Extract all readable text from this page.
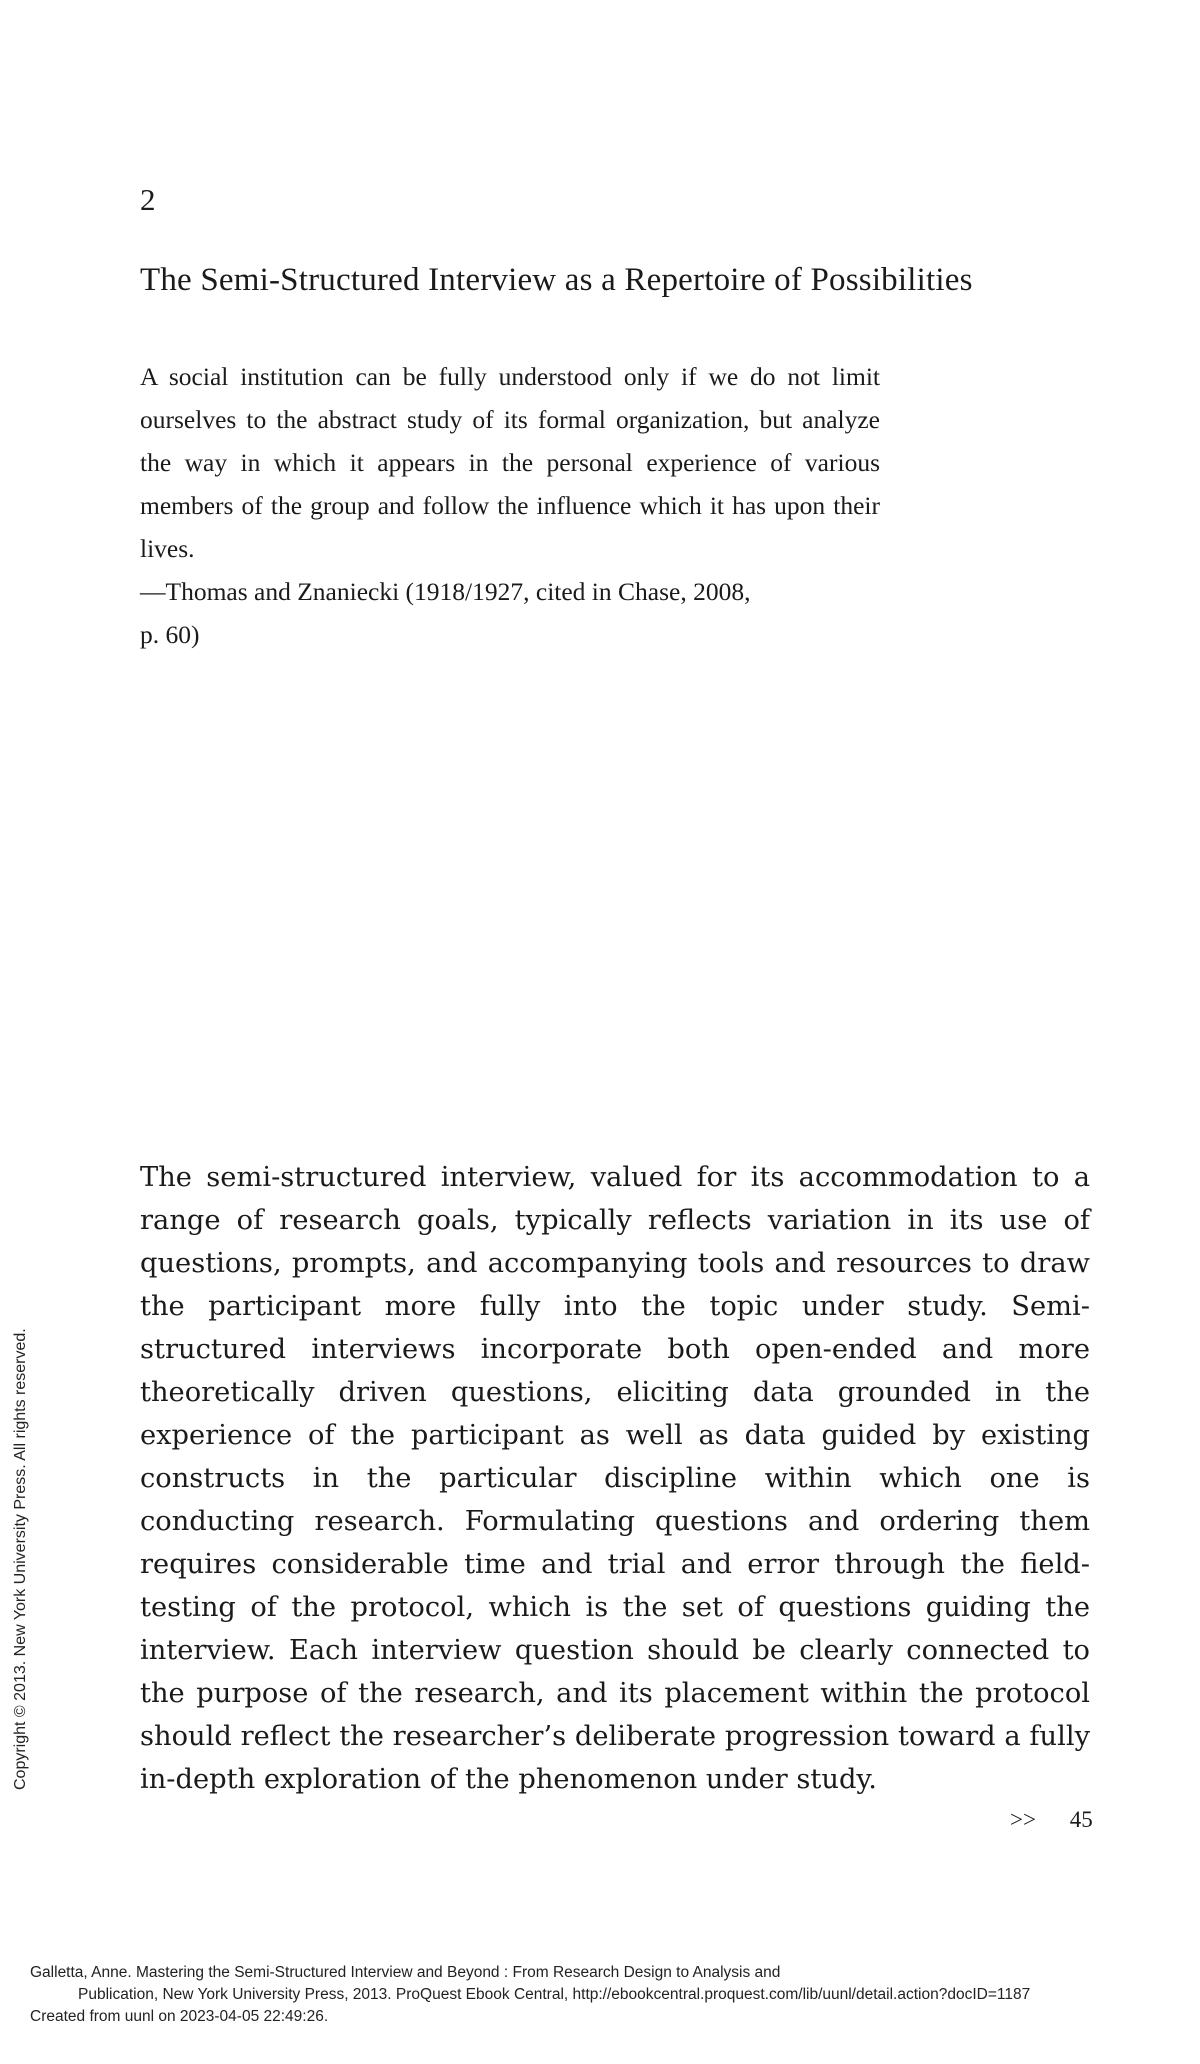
2
The Semi-Structured Interview as a Repertoire of Possibilities

A social institution can be fully understood only if we do not limit ourselves to the abstract study of its formal organization, but analyze the way in which it appears in the personal experience of various members of the group and follow the influence which it has upon their lives.

—Thomas and Znaniecki (1918/1927, cited in Chase, 2008,
p. 60)

The semi-structured interview, valued for its accommodation to a range of research goals, typically reflects variation in its use of questions, prompts, and accompanying tools and resources to draw the participant more fully into the topic under study. Semi-structured interviews incorporate both open-ended and more theoretically driven questions, eliciting data grounded in the experience of the participant as well as data guided by existing constructs in the particular discipline within which one is conducting research. Formulating questions and ordering them requires considerable time and trial and error through the field-testing of the protocol, which is the set of questions guiding the interview. Each interview question should be clearly connected to the purpose of the research, and its placement within the protocol should reflect the researcher’s deliberate progression toward a fully in-depth exploration of the phenomenon under study.

>> 45
Copyright © 2013. New York University Press. All rights reserved.
Galletta, Anne. Mastering the Semi-Structured Interview and Beyond : From Research Design to Analysis and
Publication, New York University Press, 2013. ProQuest Ebook Central, http://ebookcentral.proquest.com/lib/uunl/detail.action?docID=1187
Created from uunl on 2023-04-05 22:49:26.
